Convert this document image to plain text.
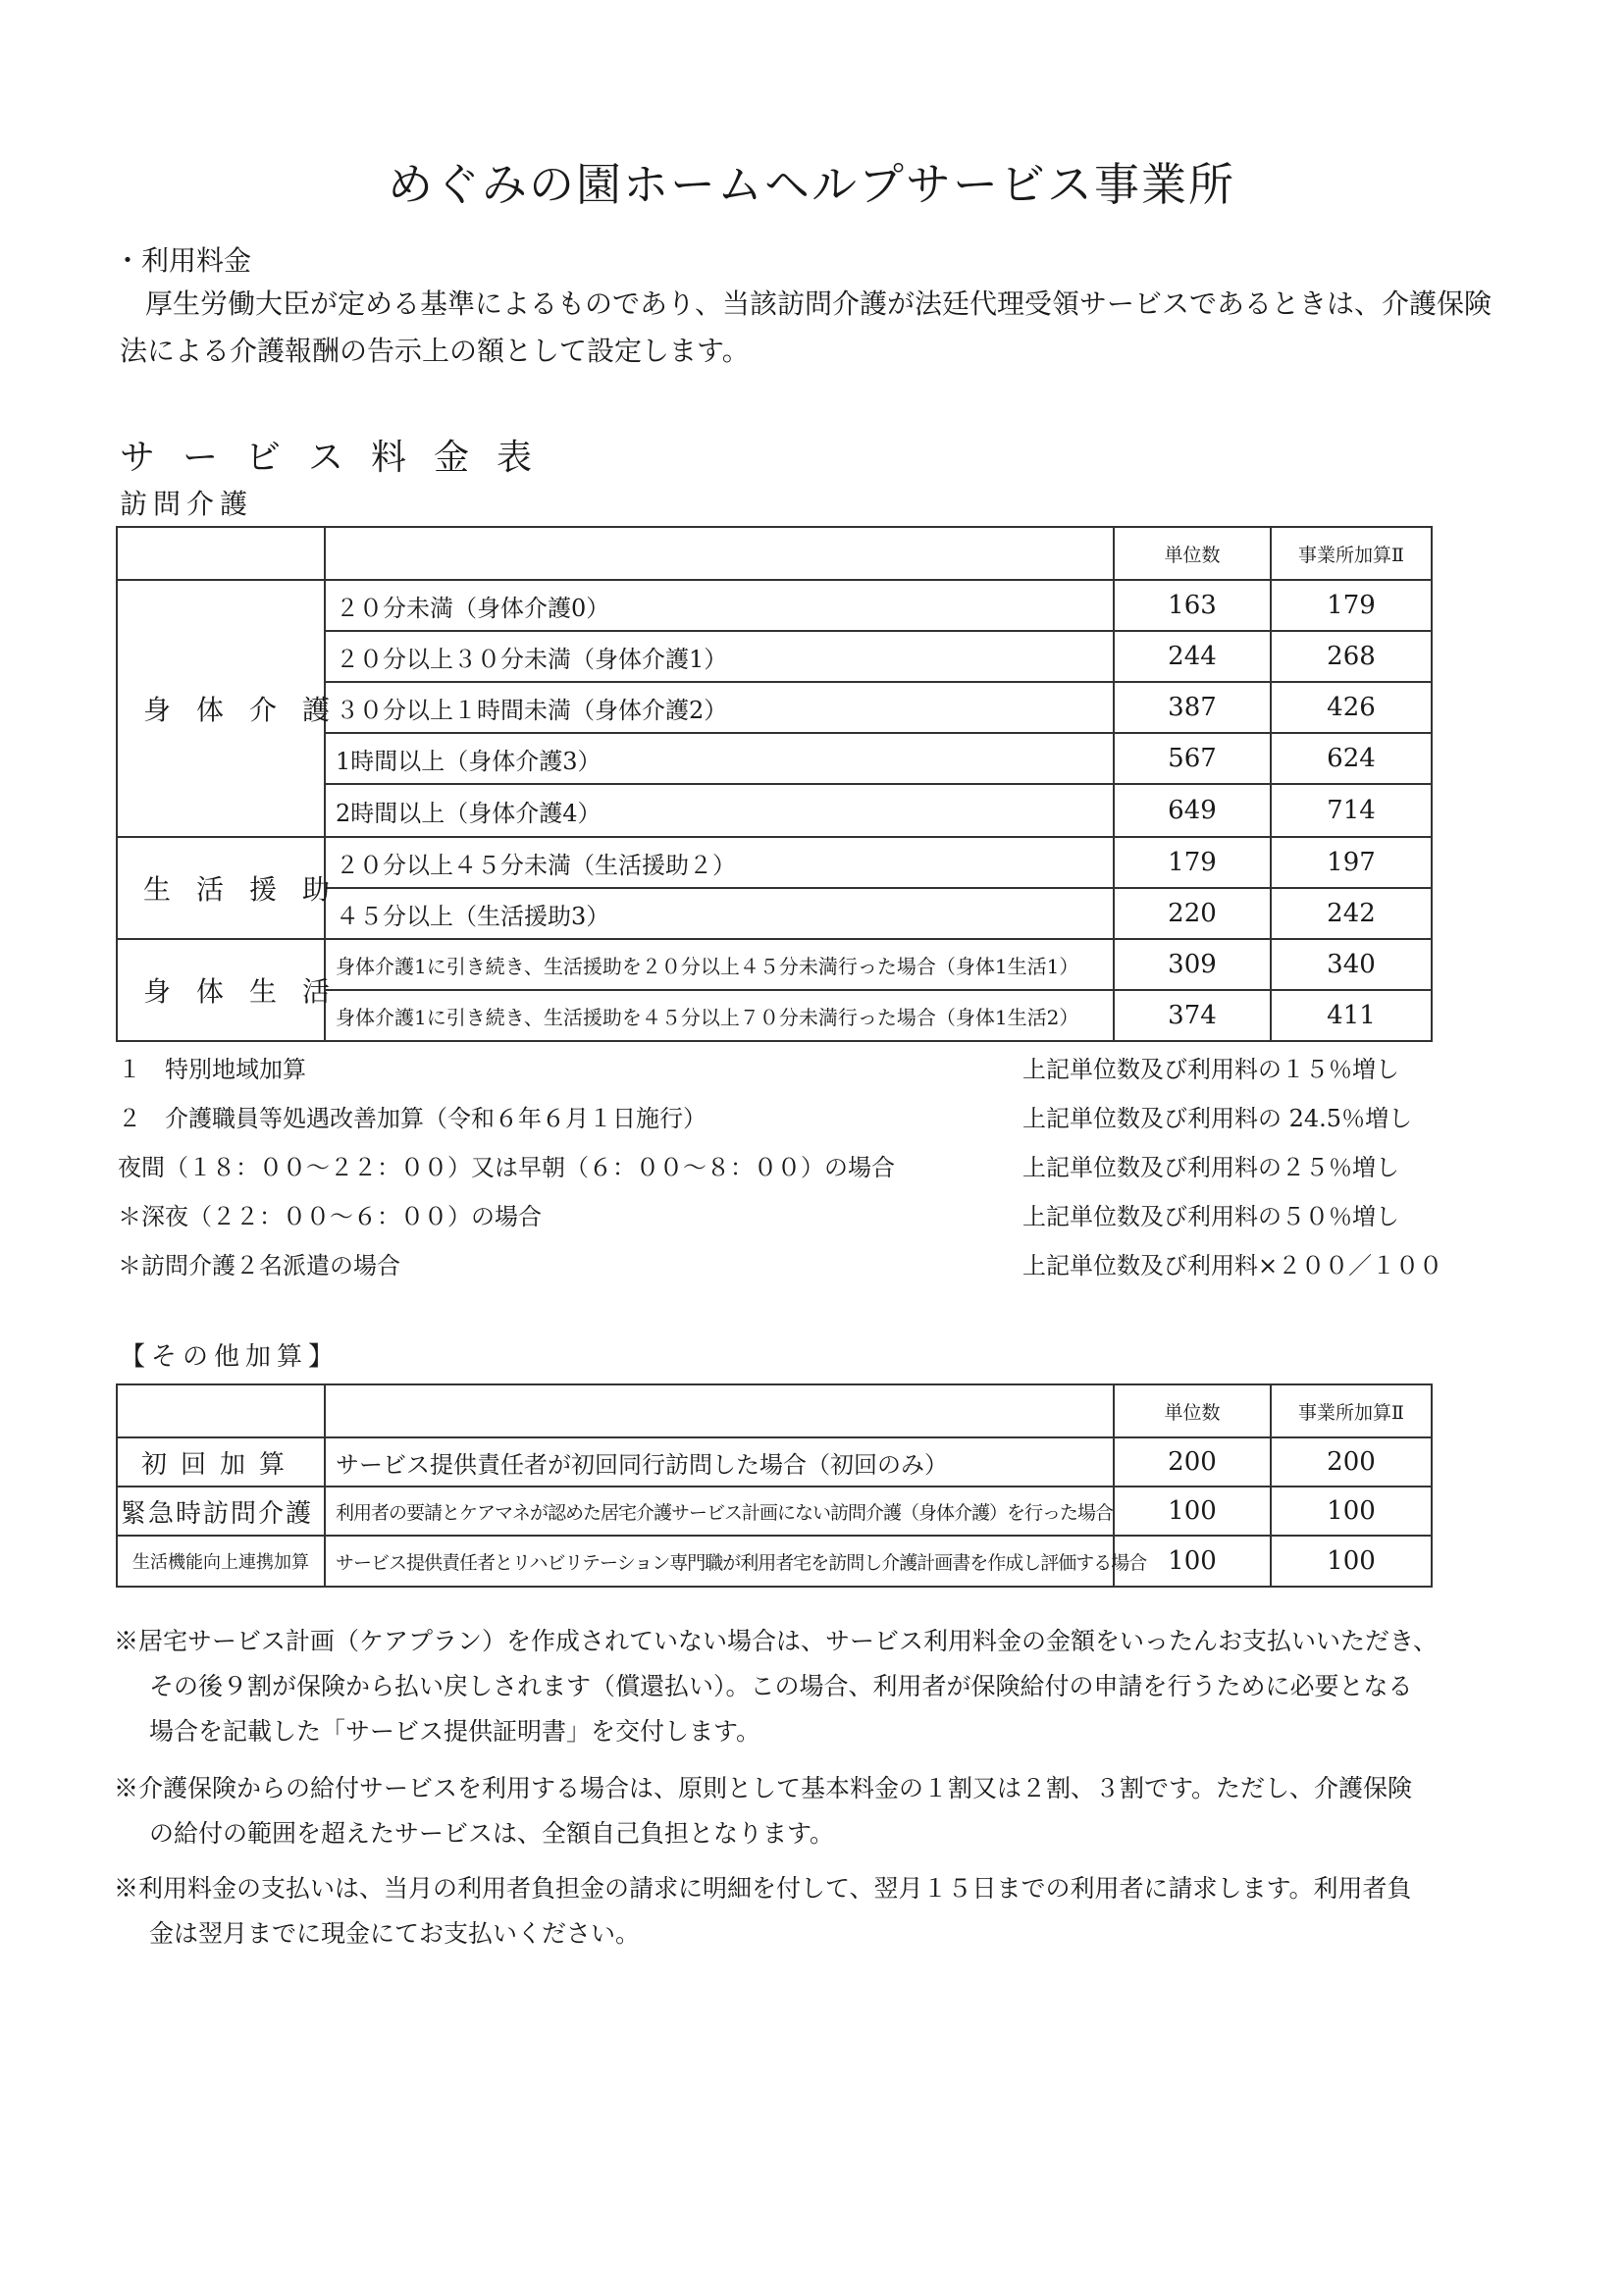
めぐみの園ホームヘルプサービス事業所
・利用料金
厚生労働大臣が定める基準によるものであり、当該訪問介護が法廷代理受領サービスであるときは、介護保険法による介護報酬の告示上の額として設定します。
サービス料金表
訪問介護
		単位数	事業所加算Ⅱ
身体介護	２０分未満（身体介護0）	163	179
	２０分以上３０分未満（身体介護1）	244	268
	３０分以上１時間未満（身体介護2）	387	426
	1時間以上（身体介護3）	567	624
	2時間以上（身体介護4）	649	714
生活援助	２０分以上４５分未満（生活援助２）	179	197
	４５分以上（生活援助3）	220	242
身体生活	身体介護1に引き続き、生活援助を２０分以上４５分未満行った場合（身体1生活1）	309	340
	身体介護1に引き続き、生活援助を４５分以上７０分未満行った場合（身体1生活2）	374	411
１　特別地域加算	上記単位数及び利用料の１５％増し
２　介護職員等処遇改善加算（令和６年６月１日施行）	上記単位数及び利用料の 24.5％増し
夜間（１８：００～２２：００）又は早朝（６：００～８：００）の場合	上記単位数及び利用料の２５％増し
＊深夜（２２：００～６：００）の場合	上記単位数及び利用料の５０％増し
＊訪問介護２名派遣の場合	上記単位数及び利用料×２００／１００
【その他加算】
		単位数	事業所加算Ⅱ
初回加算	サービス提供責任者が初回同行訪問した場合（初回のみ）	200	200
緊急時訪問介護	利用者の要請とケアマネが認めた居宅介護サービス計画にない訪問介護（身体介護）を行った場合	100	100
生活機能向上連携加算	サービス提供責任者とリハビリテーション専門職が利用者宅を訪問し介護計画書を作成し評価する場合	100	100
※居宅サービス計画（ケアプラン）を作成されていない場合は、サービス利用料金の金額をいったんお支払いいただき、
その後９割が保険から払い戻しされます（償還払い）。この場合、利用者が保険給付の申請を行うために必要となる
場合を記載した「サービス提供証明書」を交付します。
※介護保険からの給付サービスを利用する場合は、原則として基本料金の１割又は２割、３割です。ただし、介護保険
の給付の範囲を超えたサービスは、全額自己負担となります。
※利用料金の支払いは、当月の利用者負担金の請求に明細を付して、翌月１５日までの利用者に請求します。利用者負
金は翌月までに現金にてお支払いください。
